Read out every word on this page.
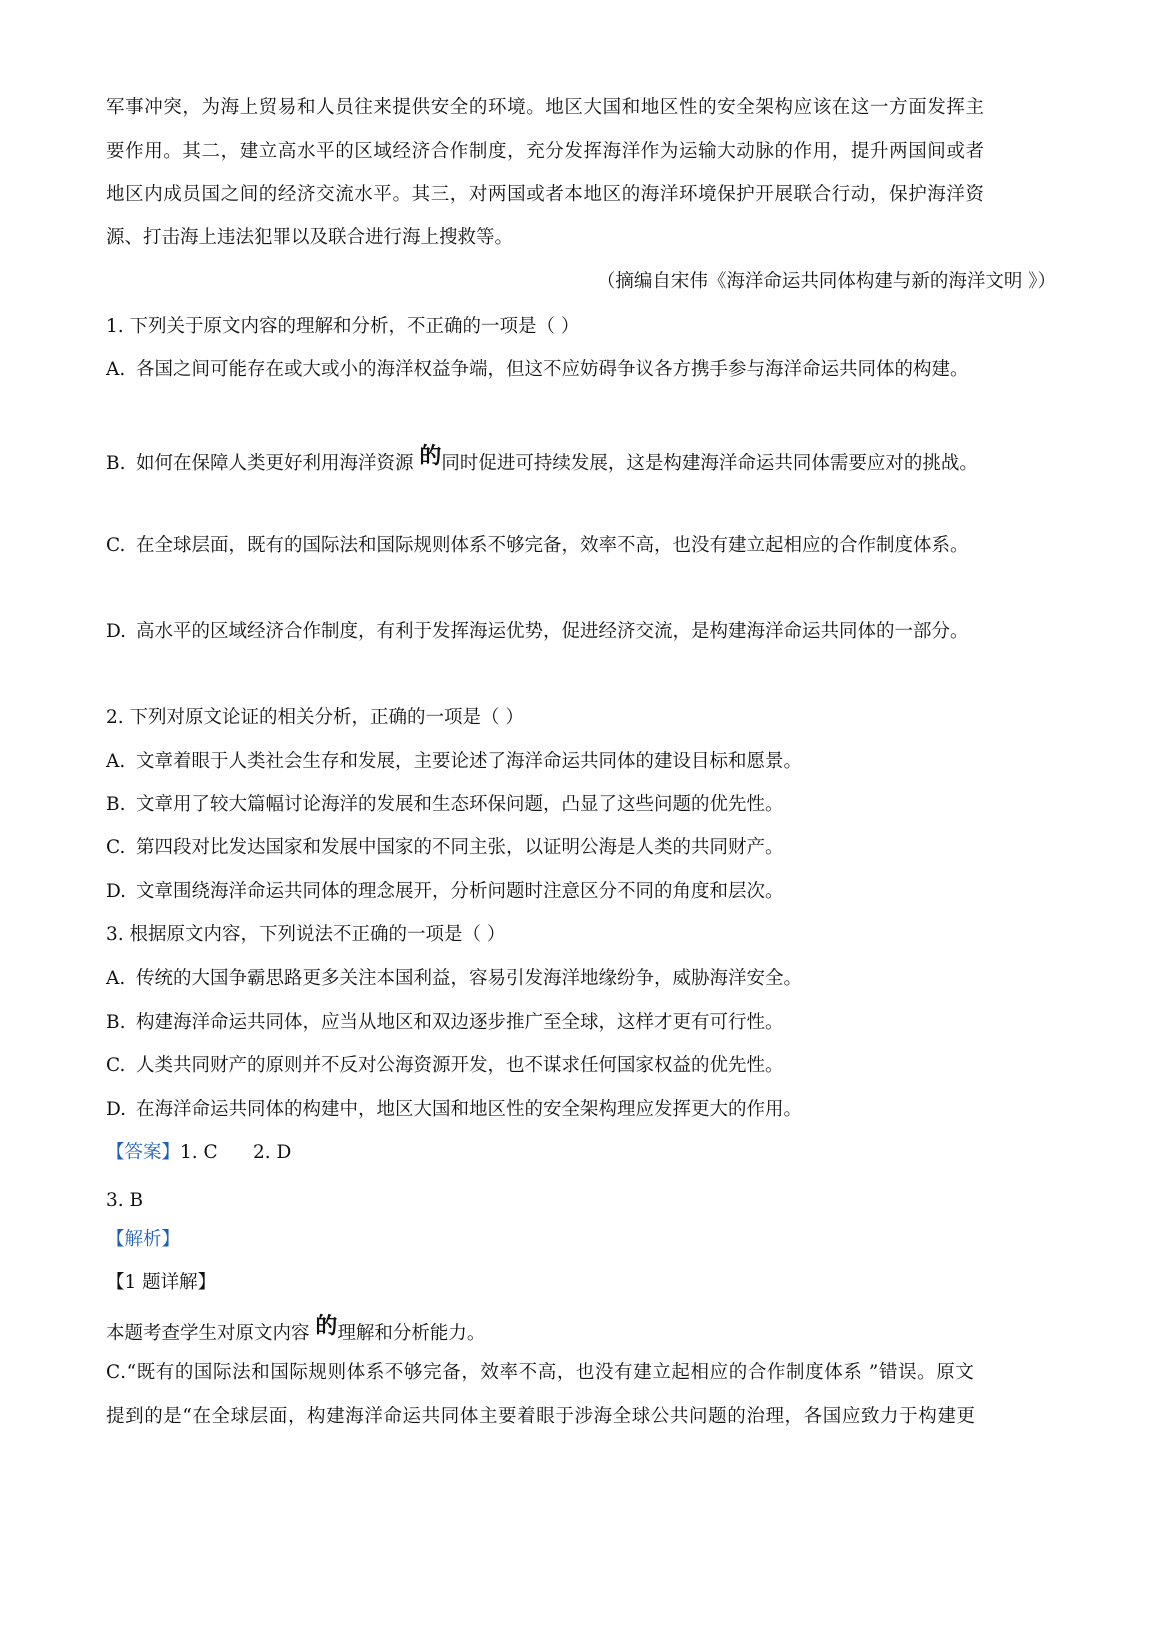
军事冲突，为海上贸易和人员往来提供安全的环境。地区大国和地区性的安全架构应该在这一方面发挥主
要作用。其二，建立高水平的区域经济合作制度，充分发挥海洋作为运输大动脉的作用，提升两国间或者
地区内成员国之间的经济交流水平。其三，对两国或者本地区的海洋环境保护开展联合行动，保护海洋资
源、打击海上违法犯罪以及联合进行海上搜救等。
（摘编自宋伟《海洋命运共同体构建与新的海洋文明 》）
1. 下列关于原文内容的理解和分析，不正确的一项是（ ）
A. 各国之间可能存在或大或小的海洋权益争端，但这不应妨碍争议各方携手参与海洋命运共同体的构建。
B. 如何在保障人类更好利用海洋资源 的同时促进可持续发展，这是构建海洋命运共同体需要应对的挑战。
C. 在全球层面，既有的国际法和国际规则体系不够完备，效率不高，也没有建立起相应的合作制度体系。
D. 高水平的区域经济合作制度，有利于发挥海运优势，促进经济交流，是构建海洋命运共同体的一部分。
2. 下列对原文论证的相关分析，正确的一项是（ ）
A. 文章着眼于人类社会生存和发展，主要论述了海洋命运共同体的建设目标和愿景。
B. 文章用了较大篇幅讨论海洋的发展和生态环保问题，凸显了这些问题的优先性。
C. 第四段对比发达国家和发展中国家的不同主张，以证明公海是人类的共同财产。
D. 文章围绕海洋命运共同体的理念展开，分析问题时注意区分不同的角度和层次。
3. 根据原文内容，下列说法不正确的一项是（ ）
A. 传统的大国争霸思路更多关注本国利益，容易引发海洋地缘纷争，威胁海洋安全。
B. 构建海洋命运共同体，应当从地区和双边逐步推广至全球，这样才更有可行性。
C. 人类共同财产的原则并不反对公海资源开发，也不谋求任何国家权益的优先性。
D. 在海洋命运共同体的构建中，地区大国和地区性的安全架构理应发挥更大的作用。
【答案】1. C      2. D
3. B
【解析】
【1 题详解】
本题考查学生对原文内容 的理解和分析能力。
C.“既有的国际法和国际规则体系不够完备，效率不高，也没有建立起相应的合作制度体系 ”错误。原文
提到的是“在全球层面，构建海洋命运共同体主要着眼于涉海全球公共问题的治理，各国应致力于构建更
